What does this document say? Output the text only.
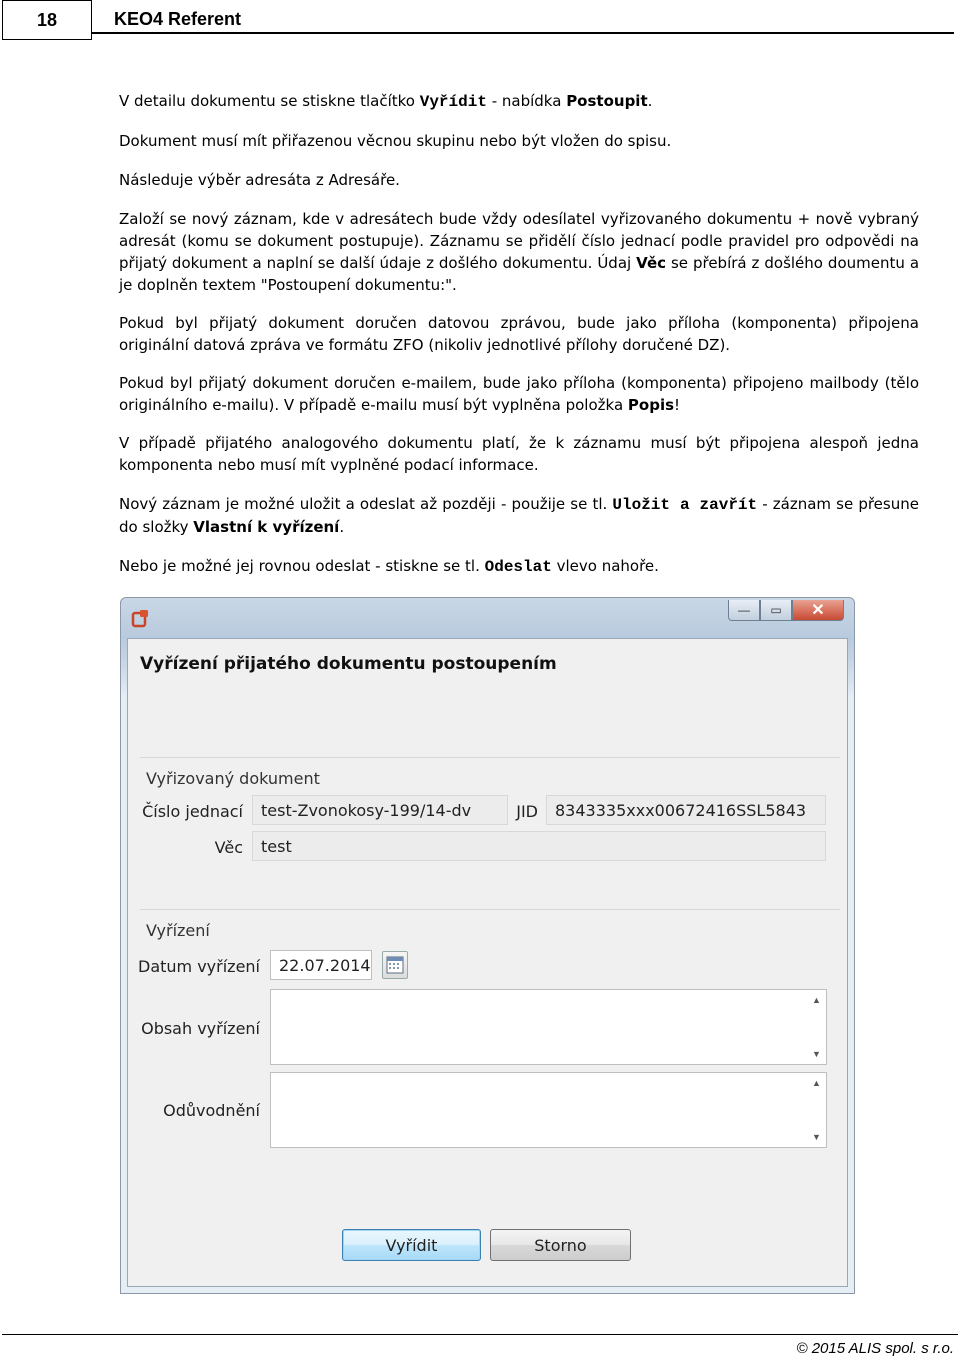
18	KEO4 Referent
V detailu dokumentu se stiskne tlačítko Vyřídit - nabídka Postoupit.
Dokument musí mít přiřazenou věcnou skupinu nebo být vložen do spisu.
Následuje výběr adresáta z Adresáře.
Založí se nový záznam, kde v adresátech bude vždy odesílatel vyřizovaného dokumentu + nově vybraný adresát (komu se dokument postupuje). Záznamu se přidělí číslo jednací podle pravidel pro odpovědi na přijatý dokument a naplní se další údaje z došlého dokumentu. Údaj Věc se přebírá z došlého doumentu a je doplněn textem "Postoupení dokumentu:".
Pokud byl přijatý dokument doručen datovou zprávou, bude jako příloha (komponenta) připojena originální datová zpráva ve formátu ZFO (nikoliv jednotlivé přílohy doručené DZ).
Pokud byl přijatý dokument doručen e-mailem, bude jako příloha (komponenta) připojeno mailbody (tělo originálního e-mailu). V případě e-mailu musí být vyplněna položka Popis!
V případě přijatého analogového dokumentu platí, že k záznamu musí být připojena alespoň jedna komponenta nebo musí mít vyplněné podací informace.
Nový záznam je možné uložit a odeslat až později - použije se tl. Uložit a zavřít - záznam se přesune do složky Vlastní k vyřízení.
Nebo je možné jej rovnou odeslat - stiskne se tl. Odeslat vlevo nahoře.
—	▭	✕
Vyřízení přijatého dokumentu postoupením
Vyřizovaný dokument
Číslo jednací	test-Zvonokosy-199/14-dv	JID	8343335xxx00672416SSL5843
Věc	test
Vyřízení
Datum vyřízení	22.07.2014
Obsah vyřízení
▲
▼
Odůvodnění
▲
▼
Vyřídit	Storno
© 2015 ALIS spol. s r.o.
